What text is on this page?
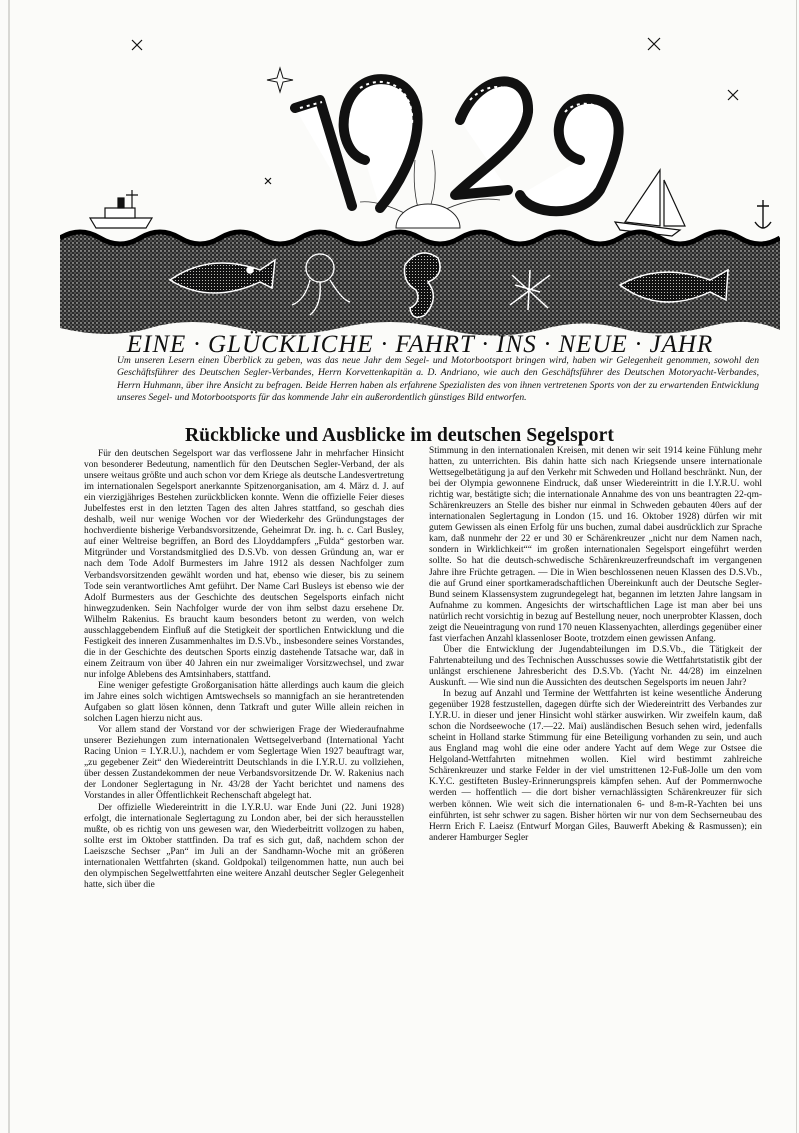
EINE · GLÜCKLICHE · FAHRT · INS · NEUE · JAHR

Um unseren Lesern einen Überblick zu geben, was das neue Jahr dem Segel- und Motorbootsport bringen wird, haben wir Gelegenheit genommen, sowohl den Geschäftsführer des Deutschen Segler-Verbandes, Herrn Korvettenkapitän a. D. Andriano, wie auch den Geschäftsführer des Deutschen Motoryacht-Verbandes, Herrn Huhmann, über ihre Ansicht zu befragen. Beide Herren haben als erfahrene Spezialisten des von ihnen vertretenen Sports von der zu erwartenden Entwicklung unseres Segel- und Motorbootsports für das kommende Jahr ein außerordentlich günstiges Bild entworfen.

Rückblicke und Ausblicke im deutschen Segelsport

Für den deutschen Segelsport war das verflossene Jahr in mehrfacher Hinsicht von besonderer Bedeutung, namentlich für den Deutschen Segler-Verband, der als unsere weitaus größte und auch schon vor dem Kriege als deutsche Landesvertretung im internationalen Segelsport anerkannte Spitzenorganisation, am 4. März d. J. auf ein vierzigjähriges Bestehen zurückblicken konnte. Wenn die offizielle Feier dieses Jubelfestes erst in den letzten Tagen des alten Jahres stattfand, so geschah dies deshalb, weil nur wenige Wochen vor der Wiederkehr des Gründungstages der hochverdiente bisherige Verbandsvorsitzende, Geheimrat Dr. ing. h. c. Carl Busley, auf einer Weltreise begriffen, an Bord des Lloyddampfers „Fulda“ gestorben war. Mitgründer und Vorstandsmitglied des D.S.Vb. von dessen Gründung an, war er nach dem Tode Adolf Burmesters im Jahre 1912 als dessen Nachfolger zum Verbandsvorsitzenden gewählt worden und hat, ebenso wie dieser, bis zu seinem Tode sein verantwortliches Amt geführt. Der Name Carl Busleys ist ebenso wie der Adolf Burmesters aus der Geschichte des deutschen Segelsports einfach nicht hinwegzudenken. Sein Nachfolger wurde der von ihm selbst dazu ersehene Dr. Wilhelm Rakenius. Es braucht kaum besonders betont zu werden, von welch ausschlaggebendem Einfluß auf die Stetigkeit der sportlichen Entwicklung und die Festigkeit des inneren Zusammenhaltes im D.S.Vb., insbesondere seines Vorstandes, die in der Geschichte des deutschen Sports einzig dastehende Tatsache war, daß in einem Zeitraum von über 40 Jahren ein nur zweimaliger Vorsitzwechsel, und zwar nur infolge Ablebens des Amtsinhabers, stattfand.

Eine weniger gefestigte Großorganisation hätte allerdings auch kaum die gleich im Jahre eines solch wichtigen Amtswechsels so mannigfach an sie herantretenden Aufgaben so glatt lösen können, denn Tatkraft und guter Wille allein reichen in solchen Lagen hierzu nicht aus.

Vor allem stand der Vorstand vor der schwierigen Frage der Wiederaufnahme unserer Beziehungen zum internationalen Wettsegelverband (International Yacht Racing Union = I.Y.R.U.), nachdem er vom Seglertage Wien 1927 beauftragt war, „zu gegebener Zeit“ den Wiedereintritt Deutschlands in die I.Y.R.U. zu vollziehen, über dessen Zustandekommen der neue Verbandsvorsitzende Dr. W. Rakenius nach der Londoner Seglertagung in Nr. 43/28 der Yacht berichtet und namens des Vorstandes in aller Öffentlichkeit Rechenschaft abgelegt hat.

Der offizielle Wiedereintritt in die I.Y.R.U. war Ende Juni (22. Juni 1928) erfolgt, die internationale Seglertagung zu London aber, bei der sich herausstellen mußte, ob es richtig von uns gewesen war, den Wiederbeitritt vollzogen zu haben, sollte erst im Oktober stattfinden. Da traf es sich gut, daß, nachdem schon der Laeiszsche Sechser „Pan“ im Juli an der Sandhamn-Woche mit an größeren internationalen Wettfahrten (skand. Goldpokal) teilgenommen hatte, nun auch bei den olympischen Segelwettfahrten eine weitere Anzahl deutscher Segler Gelegenheit hatte, sich über die

Stimmung in den internationalen Kreisen, mit denen wir seit 1914 keine Fühlung mehr hatten, zu unterrichten. Bis dahin hatte sich nach Kriegsende unsere internationale Wettsegelbetätigung ja auf den Verkehr mit Schweden und Holland beschränkt. Nun, der bei der Olympia gewonnene Eindruck, daß unser Wiedereintritt in die I.Y.R.U. wohl richtig war, bestätigte sich; die internationale Annahme des von uns beantragten 22-qm-Schärenkreuzers an Stelle des bisher nur einmal in Schweden gebauten 40ers auf der internationalen Seglertagung in London (15. und 16. Oktober 1928) dürfen wir mit gutem Gewissen als einen Erfolg für uns buchen, zumal dabei ausdrücklich zur Sprache kam, daß nunmehr der 22 er und 30 er Schärenkreuzer „nicht nur dem Namen nach, sondern in Wirklichkeit““ im großen internationalen Segelsport eingeführt werden sollte. So hat die deutsch-schwedische Schärenkreuzerfreundschaft im vergangenen Jahre ihre Früchte getragen. — Die in Wien beschlossenen neuen Klassen des D.S.Vb., die auf Grund einer sportkameradschaftlichen Übereinkunft auch der Deutsche Segler-Bund seinem Klassensystem zugrundegelegt hat, begannen im letzten Jahre langsam in Aufnahme zu kommen. Angesichts der wirtschaftlichen Lage ist man aber bei uns natürlich recht vorsichtig in bezug auf Bestellung neuer, noch unerprobter Klassen, doch zeigt die Neueintragung von rund 170 neuen Klassenyachten, allerdings gegenüber einer fast vierfachen Anzahl klassenloser Boote, trotzdem einen gewissen Anfang.

Über die Entwicklung der Jugendabteilungen im D.S.Vb., die Tätigkeit der Fahrtenabteilung und des Technischen Ausschusses sowie die Wettfahrtstatistik gibt der unlängst erschienene Jahresbericht des D.S.Vb. (Yacht Nr. 44/28) im einzelnen Auskunft. — Wie sind nun die Aussichten des deutschen Segelsports im neuen Jahr?

In bezug auf Anzahl und Termine der Wettfahrten ist keine wesentliche Änderung gegenüber 1928 festzustellen, dagegen dürfte sich der Wiedereintritt des Verbandes zur I.Y.R.U. in dieser und jener Hinsicht wohl stärker auswirken. Wir zweifeln kaum, daß schon die Nordseewoche (17.—22. Mai) ausländischen Besuch sehen wird, jedenfalls scheint in Holland starke Stimmung für eine Beteiligung vorhanden zu sein, und auch aus England mag wohl die eine oder andere Yacht auf dem Wege zur Ostsee die Helgoland-Wettfahrten mitnehmen wollen. Kiel wird bestimmt zahlreiche Schärenkreuzer und starke Felder in der viel umstrittenen 12-Fuß-Jolle um den vom K.Y.C. gestifteten Busley-Erinnerungspreis kämpfen sehen. Auf der Pommernwoche werden — hoffentlich — die dort bisher vernachlässigten Schärenkreuzer für sich werben können. Wie weit sich die internationalen 6- und 8-m-R-Yachten bei uns einführten, ist sehr schwer zu sagen. Bisher hörten wir nur von dem Sechserneubau des Herrn Erich F. Laeisz (Entwurf Morgan Giles, Bauwerft Abeking & Rasmussen); ein anderer Hamburger Segler
